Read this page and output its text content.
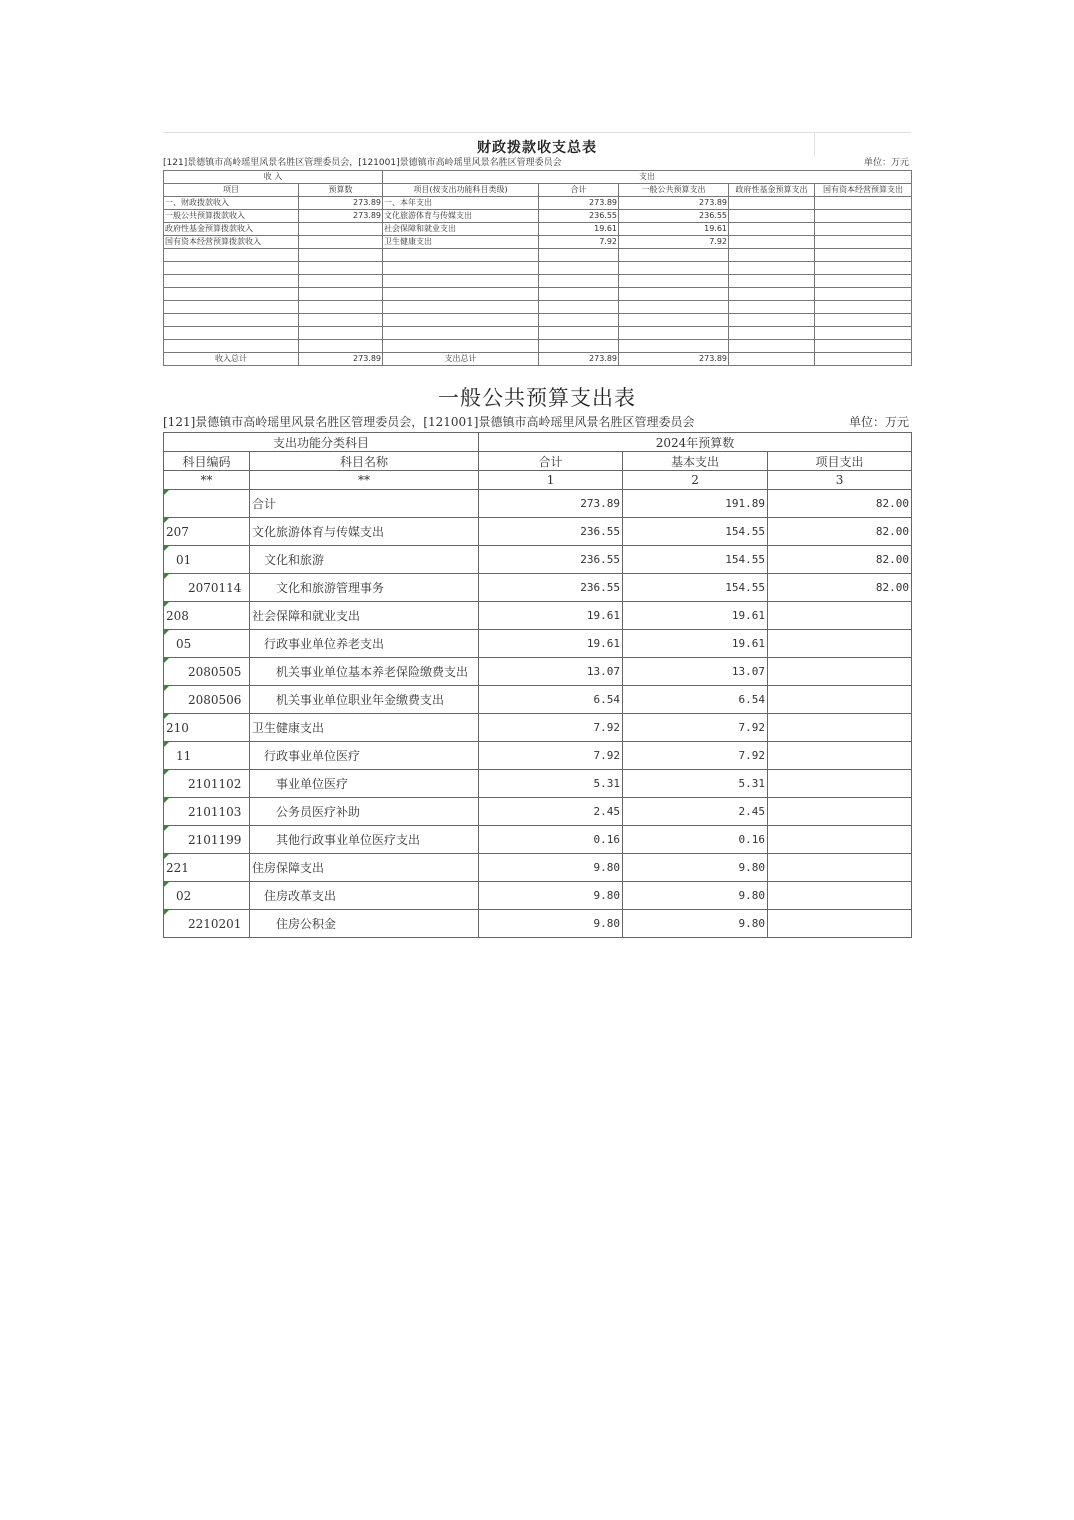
财政拨款收支总表
[121]景德镇市高岭瑶里风景名胜区管理委员会，[121001]景德镇市高岭瑶里风景名胜区管理委员会	单位：万元
收 入		支出				
项目	预算数	项目(按支出功能科目类级)	合计	一般公共预算支出	政府性基金预算支出	国有资本经营预算支出
一、财政拨款收入	273.89	一、本年支出	273.89	273.89		
一般公共预算拨款收入	273.89	文化旅游体育与传媒支出	236.55	236.55		
政府性基金预算拨款收入		社会保障和就业支出	19.61	19.61		
国有资本经营预算拨款收入		卫生健康支出	7.92	7.92		

收入总计	273.89	支出总计	273.89	273.89		
一般公共预算支出表
[121]景德镇市高岭瑶里风景名胜区管理委员会，[121001]景德镇市高岭瑶里风景名胜区管理委员会	单位：万元
支出功能分类科目		2024年预算数		
科目编码	科目名称	合计	基本支出	项目支出
**	**	1	2	3
	合计	273.89	191.89	82.00
207	文化旅游体育与传媒支出	236.55	154.55	82.00
01	文化和旅游	236.55	154.55	82.00
2070114	文化和旅游管理事务	236.55	154.55	82.00
208	社会保障和就业支出	19.61	19.61	
05	行政事业单位养老支出	19.61	19.61	
2080505	机关事业单位基本养老保险缴费支出	13.07	13.07	
2080506	机关事业单位职业年金缴费支出	6.54	6.54	
210	卫生健康支出	7.92	7.92	
11	行政事业单位医疗	7.92	7.92	
2101102	事业单位医疗	5.31	5.31	
2101103	公务员医疗补助	2.45	2.45	
2101199	其他行政事业单位医疗支出	0.16	0.16	
221	住房保障支出	9.80	9.80	
02	住房改革支出	9.80	9.80	
2210201	住房公积金	9.80	9.80	
